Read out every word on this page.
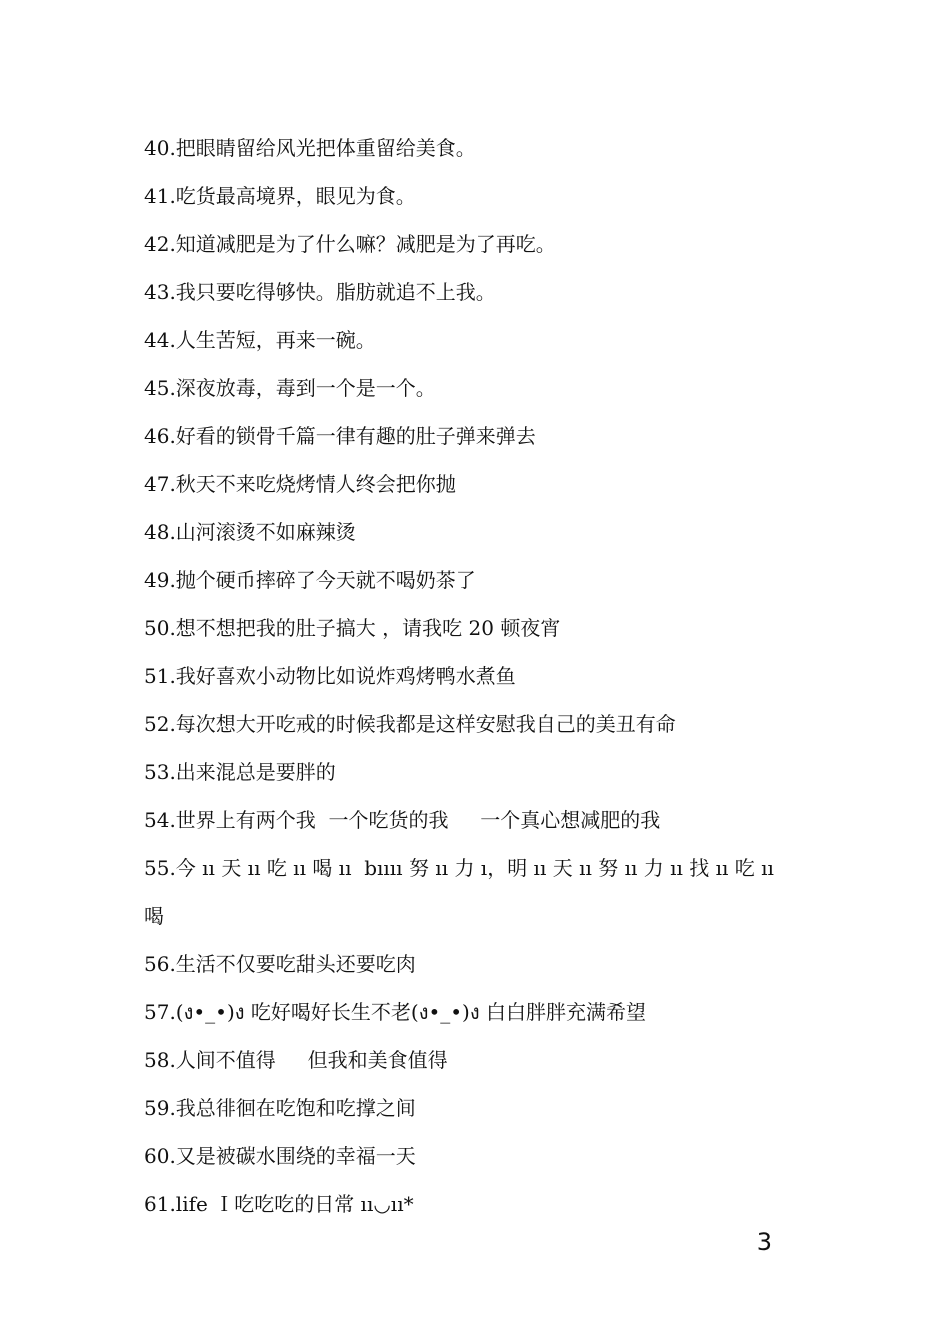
40.把眼睛留给风光把体重留给美食。
41.吃货最高境界，眼见为食。
42.知道减肥是为了什么嘛？减肥是为了再吃。
43.我只要吃得够快。脂肪就追不上我。
44.人生苦短，再来一碗。
45.深夜放毒，毒到一个是一个。
46.好看的锁骨千篇一律有趣的肚子弹来弹去
47.秋天不来吃烧烤情人终会把你抛
48.山河滚烫不如麻辣烫
49.抛个硬币摔碎了今天就不喝奶茶了
50.想不想把我的肚子搞大 ，请我吃 20 顿夜宵
51.我好喜欢小动物比如说炸鸡烤鸭水煮鱼
52.每次想大开吃戒的时候我都是这样安慰我自己的美丑有命
53.出来混总是要胖的
54.世界上有两个我  一个吃货的我     一个真心想减肥的我
55.今 ıı 天 ıı 吃 ıı 喝 ıı  bıııı 努 ıı 力 ı，明 ıı 天 ıı 努 ıı 力 ıı 找 ıı 吃 ıı
喝
56.生活不仅要吃甜头还要吃肉
57.(ง•_•)ง 吃好喝好长生不老(ง•_•)ง 白白胖胖充满希望
58.人间不值得     但我和美食值得
59.我总徘徊在吃饱和吃撑之间
60.又是被碳水围绕的幸福一天
61.life Ｉ吃吃吃的日常 ıı◡ıı*
3
